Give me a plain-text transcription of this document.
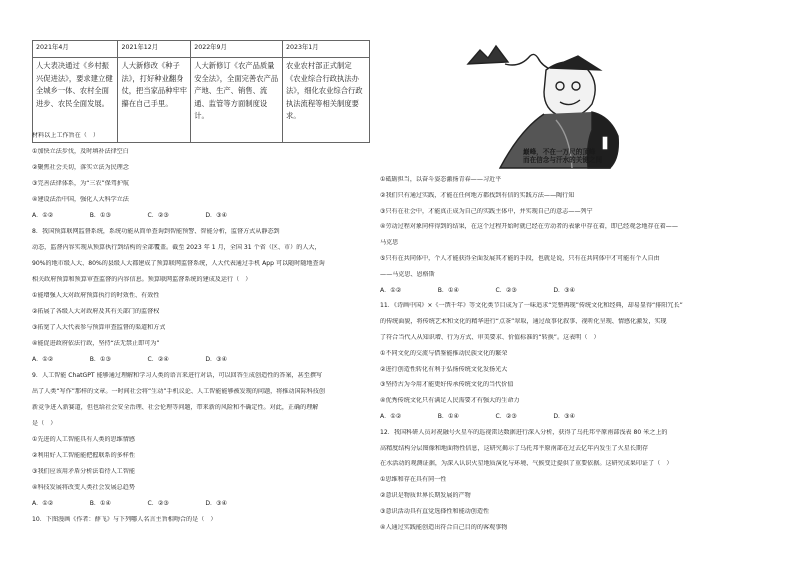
2021年4月	2021年12月	2022年9月	2023年1月
人大表决通过《乡村振兴促进法》，要求建立健全城乡一体、农村全面进步、农民全面发展。	人大新修改《种子法》，打好种业翻身仗，把当家品种牢牢攥在自己手里。	人大新修订《农产品质量安全法》，全面完善农产品产地、生产、销售、流通、监管等方面制度设计。	农业农村部正式制定《农业综合行政执法办法》，细化农业综合行政执法流程等相关制度要求。
材料以上工作旨在（　）
①加快立法步伐，及时填补法律空白
②聚焦社会关切，落实立法为民理念
③完善法律体系，为“三农”保驾护航
④建设法治中国，强化人大科学立法
A．①②　　　　　　B．①③　　　　　　C．②③　　　　　　D．③④
8．我国预算联网监督系统，系统功能从简单查询到智能预警、智能分析，监督方式从静态到
动态，监督内容实现从预算执行到结构的全部覆盖。截至 2023 年 1 月，全国 31 个省（区、市）的人大，
90%的地市级人大、80%的县级人大都建成了预算联网监督系统，人大代表通过手机 App 可以随时随地查询
相关政府预算和预算审查监督的内容信息。预算联网监督系统的建成及运行（　）
①能增强人大对政府预算执行的时效性、有效性
②拓展了各级人大对政府及其有关部门的监督权
③拓宽了人大代表参与预算审查监督的渠道和方式
④能促进政府依法行政，坚持“法无禁止即可为”
A．①②　　　　　　B．①③　　　　　　C．②④　　　　　　D．③④
9．人工智能 ChatGPT 能够通过理解和学习人类的语言来进行对话，可以回答生成创造性的答案，甚至撰写
出了人类“写作”那样的文章。一时间社会将“生动”手机议论、人工智能能够被发现的问题，将推动国际科技创
新竞争进入新赛道，但也给社会安全治理、社会伦理等问题，带来新的风险和不确定性。对此，正确的理解
是（　）
①先进的人工智能具有人类的思维情感
②利用好人工智能能把握联系的多样性
③我们应该用矛盾分析法看待人工智能
④科技发展将改变人类社会发展总趋势
A．①②　　　　　　B．①④　　　　　　C．②③　　　　　　D．③④
10．下图漫画《作者：薛飞》与下列哪人名言主旨相吻合的是（　）
巅峰，不在一万尺的顶峰
而在信念与汗水的关键之间
①砥砺担当，以奋斗姿态激扬青春——习近平
②我们只有通过实践，才能在任何地方都找到有信的实践方法——陶行知
③只有在社会中，才能真正成为自己的实践主体中，并实现自己的意志——列宁
④劳动过程对象同样得到的结果，在这个过程开始时就已经在劳动者的表象中存在着，即已经观念地存在着——
马克思
⑤只有在共同体中，个人才能获得全面发展其才能的手段，也就是说，只有在共同体中才可能有个人自由
——马克思、恩格斯
A．①②　　　　　　B．①④　　　　　　C．②③　　　　　　D．③④
11．《诗画中国》×《一馔千年》等文化类节目成为了一味追求“完整再现”传统文化和经典，却易显得“排阳冗长”
的传统面貌，将传统艺术和文化的精华进行“点茶”翠取，通过故事化叙事、视听化呈现、情感化激发，实现
了符合当代人从知识增、行为方式、审美要求、价值标准的“转换”。这表明（　）
①不同文化的交流与借鉴能推动民族文化的繁荣
②进行创造性转化有利于弘扬传统文化发扬光大
③坚持古为今用才能更好传承传统文化的当代价值
④优秀传统文化只有满足人民需要才有强大的生命力
A．①②　　　　　　B．①④　　　　　　C．②③　　　　　　D．③④
12．我国科研人员对祝融号火星车的巡视雷达数据进行深入分析，获得了乌托邦平原南部浅表 80 米之上的
高精度结构分层图像和地面物性信息，这研究揭示了乌托邦平原南部在过去亿年内发生了火星长期存
在水活动的观测证据，为深入认识火星地质演化与环境、气候变迁提供了重要依据。这研究成果印证了（　）
①思维和存在具有同一性
②意识是物质世界长期发展的产物
③意识活动具有直觉选择性和能动创造性
④人通过实践能创造出符合自己目的的客观事物
